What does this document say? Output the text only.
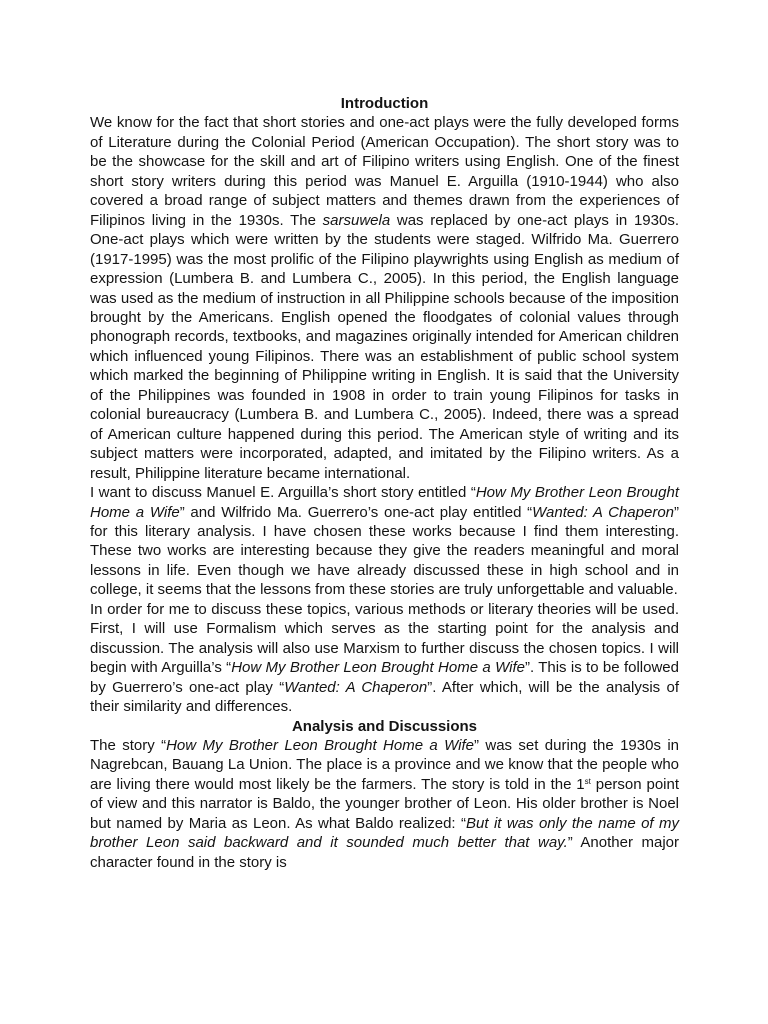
Introduction

We know for the fact that short stories and one-act plays were the fully developed forms of Literature during the Colonial Period (American Occupation). The short story was to be the showcase for the skill and art of Filipino writers using English. One of the finest short story writers during this period was Manuel E. Arguilla (1910-1944) who also covered a broad range of subject matters and themes drawn from the experiences of Filipinos living in the 1930s. The sarsuwela was replaced by one-act plays in 1930s. One-act plays which were written by the students were staged. Wilfrido Ma. Guerrero (1917-1995) was the most prolific of the Filipino playwrights using English as medium of expression (Lumbera B. and Lumbera C., 2005). In this period, the English language was used as the medium of instruction in all Philippine schools because of the imposition brought by the Americans. English opened the floodgates of colonial values through phonograph records, textbooks, and magazines originally intended for American children which influenced young Filipinos. There was an establishment of public school system which marked the beginning of Philippine writing in English. It is said that the University of the Philippines was founded in 1908 in order to train young Filipinos for tasks in colonial bureaucracy (Lumbera B. and Lumbera C., 2005). Indeed, there was a spread of American culture happened during this period. The American style of writing and its subject matters were incorporated, adapted, and imitated by the Filipino writers. As a result, Philippine literature became international.

I want to discuss Manuel E. Arguilla’s short story entitled “How My Brother Leon Brought Home a Wife” and Wilfrido Ma. Guerrero’s one-act play entitled “Wanted: A Chaperon” for this literary analysis. I have chosen these works because I find them interesting. These two works are interesting because they give the readers meaningful and moral lessons in life. Even though we have already discussed these in high school and in college, it seems that the lessons from these stories are truly unforgettable and valuable.

In order for me to discuss these topics, various methods or literary theories will be used. First, I will use Formalism which serves as the starting point for the analysis and discussion. The analysis will also use Marxism to further discuss the chosen topics. I will begin with Arguilla’s “How My Brother Leon Brought Home a Wife”. This is to be followed by Guerrero’s one-act play “Wanted: A Chaperon”. After which, will be the analysis of their similarity and differences.

Analysis and Discussions

The story “How My Brother Leon Brought Home a Wife” was set during the 1930s in Nagrebcan, Bauang La Union. The place is a province and we know that the people who are living there would most likely be the farmers. The story is told in the 1st person point of view and this narrator is Baldo, the younger brother of Leon. His older brother is Noel but named by Maria as Leon. As what Baldo realized: “But it was only the name of my brother Leon said backward and it sounded much better that way.” Another major character found in the story is
